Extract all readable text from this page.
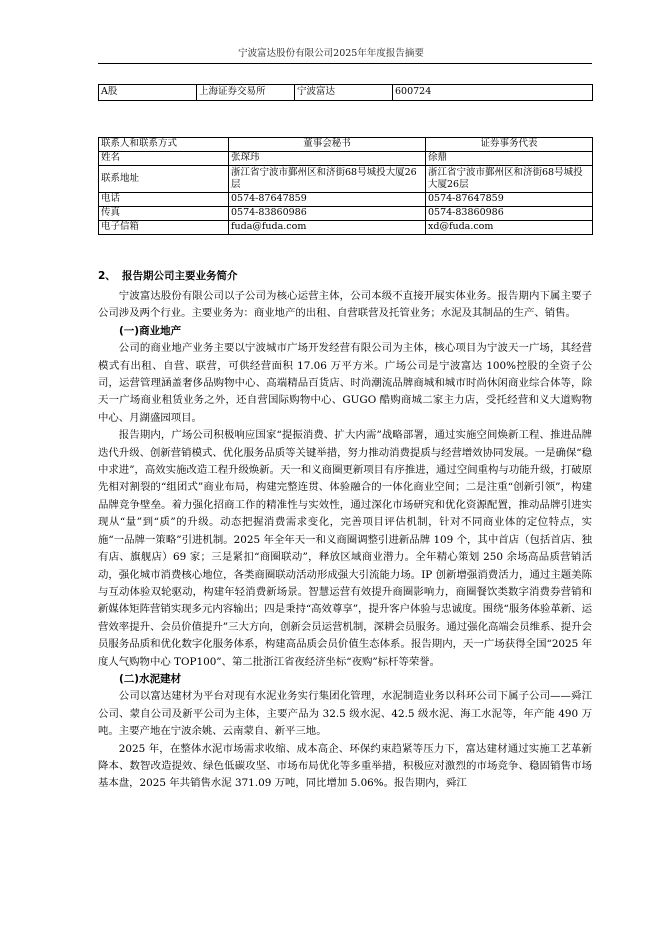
宁波富达股份有限公司2025年年度报告摘要
A股	上海证券交易所	宁波富达	600724
联系人和联系方式	董事会秘书	证券事务代表
姓名	张琛玮	徐鼎
联系地址	浙江省宁波市鄞州区和济街68号城投大厦26层	浙江省宁波市鄞州区和济街68号城投大厦26层
电话	0574-87647859	0574-87647859
传真	0574-83860986	0574-83860986
电子信箱	fuda@fuda.com	xd@fuda.com
2、 报告期公司主要业务简介

宁波富达股份有限公司以子公司为核心运营主体，公司本级不直接开展实体业务。报告期内下属主要子公司涉及两个行业。主要业务为：商业地产的出租、自营联营及托管业务；水泥及其制品的生产、销售。

(一)商业地产

公司的商业地产业务主要以宁波城市广场开发经营有限公司为主体，核心项目为宁波天一广场，其经营模式有出租、自营、联营，可供经营面积 17.06 万平方米。广场公司是宁波富达 100%控股的全资子公司，运营管理涵盖奢侈品购物中心、高端精品百货店、时尚潮流品牌商城和城市时尚休闲商业综合体等，除天一广场商业租赁业务之外，还自营国际购物中心、GUGO 酷购商城二家主力店，受托经营和义大道购物中心、月湖盛园项目。

报告期内，广场公司积极响应国家“提振消费、扩大内需”战略部署，通过实施空间焕新工程、推进品牌迭代升级、创新营销模式、优化服务品质等关键举措，努力推动消费提质与经营增效协同发展。一是确保“稳中求进”，高效实施改造工程升级焕新。天一和义商圈更新项目有序推进，通过空间重构与功能升级，打破原先相对割裂的“组团式”商业布局，构建完整连贯、体验融合的一体化商业空间；二是注重“创新引领”，构建品牌竞争壁垒。着力强化招商工作的精准性与实效性，通过深化市场研究和优化资源配置，推动品牌引进实现从“量”到“质”的升级。动态把握消费需求变化，完善项目评估机制，针对不同商业体的定位特点，实施“一品牌一策略”引进机制。2025 年全年天一和义商圈调整引进新品牌 109 个，其中首店（包括首店、独有店、旗舰店）69 家；三是紧扣“商圈联动”，释放区域商业潜力。全年精心策划 250 余场高品质营销活动，强化城市消费核心地位，各类商圈联动活动形成强大引流能力场。IP 创新增强消费活力，通过主题美陈与互动体验双轮驱动，构建年轻消费新场景。智慧运营有效提升商圈影响力，商圈餐饮类数字消费券营销和新媒体矩阵营销实现多元内容输出；四是秉持“高效尊享”，提升客户体验与忠诚度。围绕“服务体验革新、运营效率提升、会员价值提升”三大方向，创新会员运营机制，深耕会员服务。通过强化高端会员维系、提升会员服务品质和优化数字化服务体系，构建高品质会员价值生态体系。报告期内，天一广场获得全国“2025 年度人气购物中心 TOP100”、第二批浙江省夜经济坐标“夜购”标杆等荣誉。

(二)水泥建材

公司以富达建材为平台对现有水泥业务实行集团化管理，水泥制造业务以科环公司下属子公司——舜江公司、蒙自公司及新平公司为主体，主要产品为 32.5 级水泥、42.5 级水泥、海工水泥等，年产能 490 万吨。主要产地在宁波余姚、云南蒙自、新平三地。

2025 年，在整体水泥市场需求收缩、成本高企、环保约束趋紧等压力下，富达建材通过实施工艺革新降本、数智改造提效、绿色低碳攻坚、市场布局优化等多重举措，积极应对激烈的市场竞争、稳固销售市场基本盘，2025 年共销售水泥 371.09 万吨，同比增加 5.06%。报告期内，舜江
